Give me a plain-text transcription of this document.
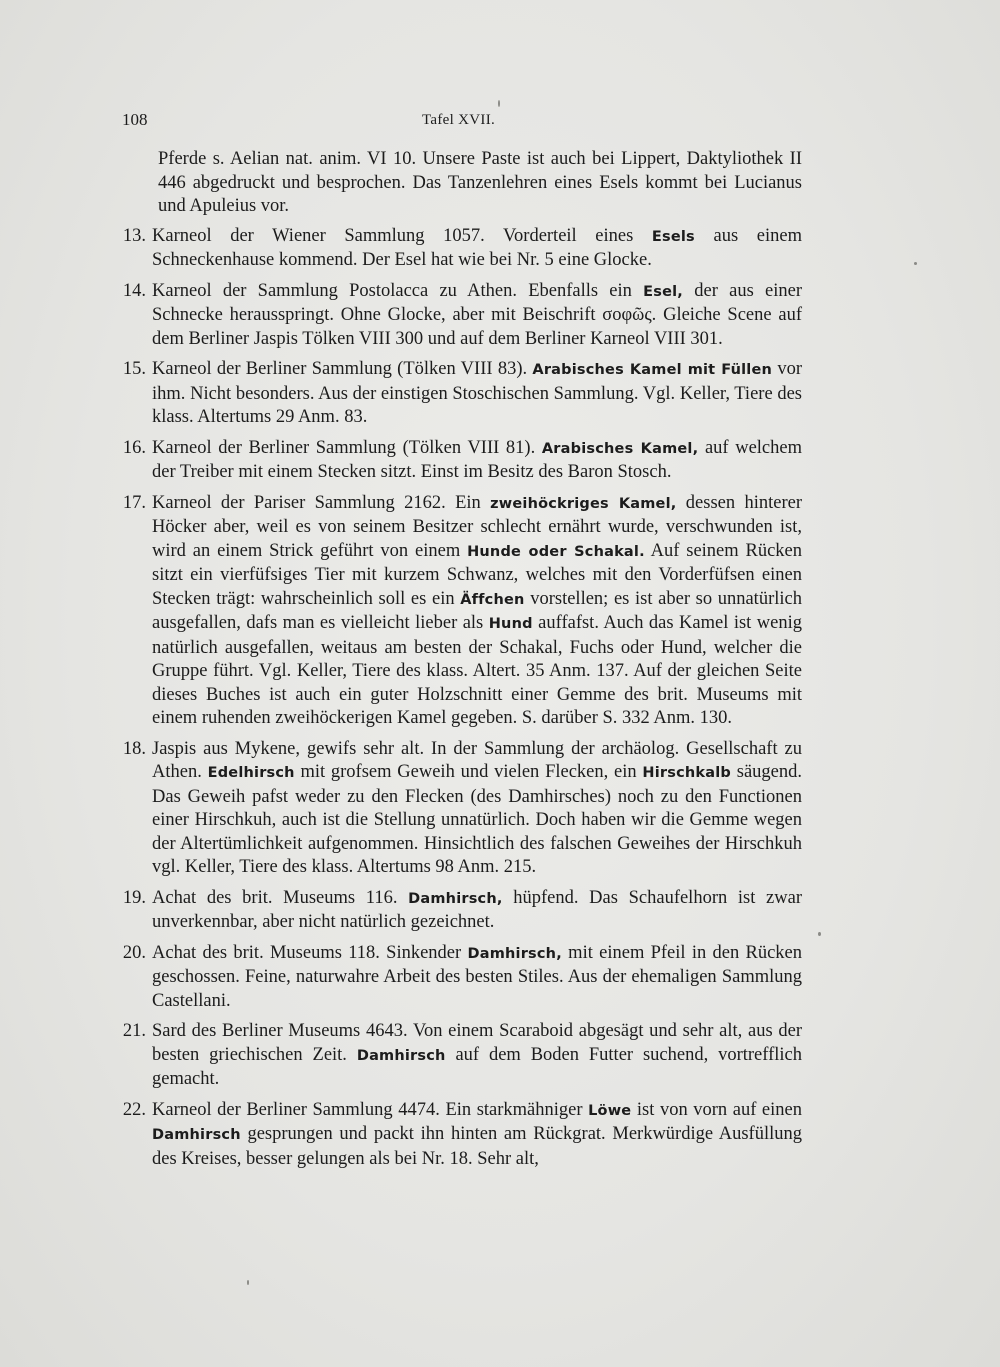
108	Tafel XVII.

Pferde s. Aelian nat. anim. VI 10. Unsere Paste ist auch bei Lippert, Daktyliothek II 446 abgedruckt und besprochen. Das Tanzenlehren eines Esels kommt bei Lucianus und Apuleius vor.

13. Karneol der Wiener Sammlung 1057. Vorderteil eines Esels aus einem Schneckenhause kommend. Der Esel hat wie bei Nr. 5 eine Glocke.
14. Karneol der Sammlung Postolacca zu Athen. Ebenfalls ein Esel, der aus einer Schnecke herausspringt. Ohne Glocke, aber mit Beischrift σοφῶς. Gleiche Scene auf dem Berliner Jaspis Tölken VIII 300 und auf dem Berliner Karneol VIII 301.
15. Karneol der Berliner Sammlung (Tölken VIII 83). Arabisches Kamel mit Füllen vor ihm. Nicht besonders. Aus der einstigen Stoschischen Sammlung. Vgl. Keller, Tiere des klass. Altertums 29 Anm. 83.
16. Karneol der Berliner Sammlung (Tölken VIII 81). Arabisches Kamel, auf welchem der Treiber mit einem Stecken sitzt. Einst im Besitz des Baron Stosch.
17. Karneol der Pariser Sammlung 2162. Ein zweihöckriges Kamel, dessen hinterer Höcker aber, weil es von seinem Besitzer schlecht ernährt wurde, verschwunden ist, wird an einem Strick geführt von einem Hunde oder Schakal. Auf seinem Rücken sitzt ein vierfüfsiges Tier mit kurzem Schwanz, welches mit den Vorderfüfsen einen Stecken trägt: wahrscheinlich soll es ein Äffchen vorstellen; es ist aber so unnatürlich ausgefallen, dafs man es vielleicht lieber als Hund auffafst. Auch das Kamel ist wenig natürlich ausgefallen, weitaus am besten der Schakal, Fuchs oder Hund, welcher die Gruppe führt. Vgl. Keller, Tiere des klass. Altert. 35 Anm. 137. Auf der gleichen Seite dieses Buches ist auch ein guter Holzschnitt einer Gemme des brit. Museums mit einem ruhenden zweihöckerigen Kamel gegeben. S. darüber S. 332 Anm. 130.
18. Jaspis aus Mykene, gewifs sehr alt. In der Sammlung der archäolog. Gesellschaft zu Athen. Edelhirsch mit grofsem Geweih und vielen Flecken, ein Hirschkalb säugend. Das Geweih pafst weder zu den Flecken (des Damhirsches) noch zu den Functionen einer Hirschkuh, auch ist die Stellung unnatürlich. Doch haben wir die Gemme wegen der Altertümlichkeit aufgenommen. Hinsichtlich des falschen Geweihes der Hirschkuh vgl. Keller, Tiere des klass. Altertums 98 Anm. 215.
19. Achat des brit. Museums 116. Damhirsch, hüpfend. Das Schaufelhorn ist zwar unverkennbar, aber nicht natürlich gezeichnet.
20. Achat des brit. Museums 118. Sinkender Damhirsch, mit einem Pfeil in den Rücken geschossen. Feine, naturwahre Arbeit des besten Stiles. Aus der ehemaligen Sammlung Castellani.
21. Sard des Berliner Museums 4643. Von einem Scaraboid abgesägt und sehr alt, aus der besten griechischen Zeit. Damhirsch auf dem Boden Futter suchend, vortrefflich gemacht.
22. Karneol der Berliner Sammlung 4474. Ein starkmähniger Löwe ist von vorn auf einen Damhirsch gesprungen und packt ihn hinten am Rückgrat. Merkwürdige Ausfüllung des Kreises, besser gelungen als bei Nr. 18. Sehr alt,
